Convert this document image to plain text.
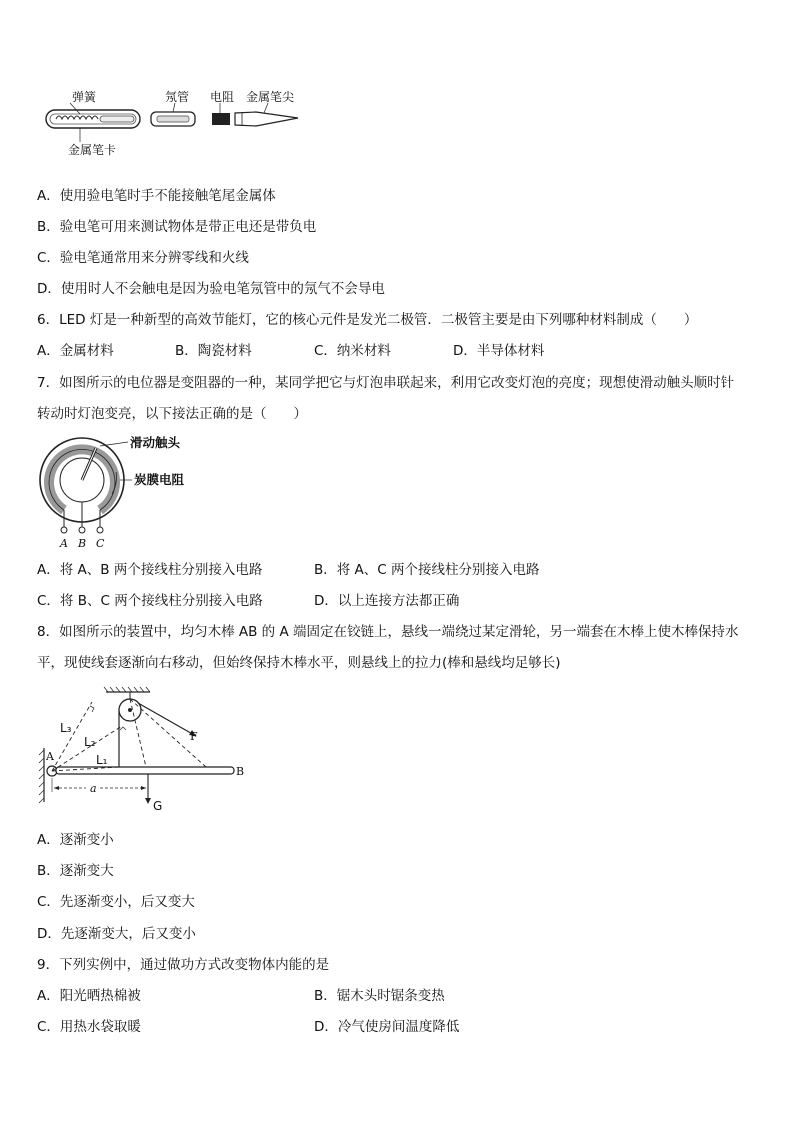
弹簧	氖管 电阻 金属笔尖
金属笔卡
A．使用验电笔时手不能接触笔尾金属体
B．验电笔可用来测试物体是带正电还是带负电
C．验电笔通常用来分辨零线和火线
D．使用时人不会触电是因为验电笔氖管中的氖气不会导电
6．LED 灯是一种新型的高效节能灯，它的核心元件是发光二极管．二极管主要是由下列哪种材料制成（　　）
A．金属材料	B．陶瓷材料	C．纳米材料	D．半导体材料
7．如图所示的电位器是变阻器的一种，某同学把它与灯泡串联起来，利用它改变灯泡的亮度；现想使滑动触头顺时针
转动时灯泡变亮，以下接法正确的是（　　）
A B C
滑动触头
炭膜电阻
A．将 A、B 两个接线柱分别接入电路	B．将 A、C 两个接线柱分别接入电路
C．将 B、C 两个接线柱分别接入电路	D．以上连接方法都正确
8．如图所示的装置中，均匀木棒 AB 的 A 端固定在铰链上，悬线一端绕过某定滑轮，另一端套在木棒上使木棒保持水
平，现使线套逐渐向右移动，但始终保持木棒水平，则悬线上的拉力(棒和悬线均足够长)
A
B
F
L₃
L₂
L₁
G
a
A．逐渐变小
B．逐渐变大
C．先逐渐变小，后又变大
D．先逐渐变大，后又变小
9．下列实例中，通过做功方式改变物体内能的是
A．阳光晒热棉被	B．锯木头时锯条变热
C．用热水袋取暖	D．冷气使房间温度降低
